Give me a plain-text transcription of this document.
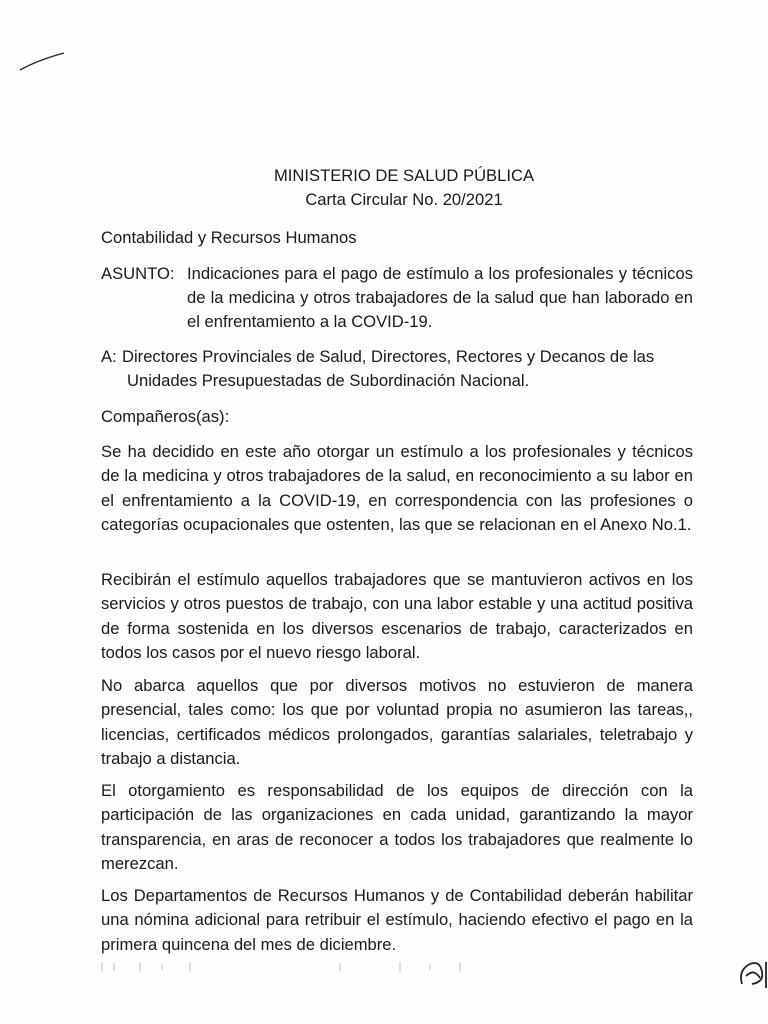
MINISTERIO DE SALUD PÚBLICA
Carta Circular No. 20/2021
Contabilidad y Recursos Humanos
ASUNTO: Indicaciones para el pago de estímulo a los profesionales y técnicos de la medicina y otros trabajadores de la salud que han laborado en el enfrentamiento a la COVID-19.
A: Directores Provinciales de Salud, Directores, Rectores y Decanos de las
Unidades Presupuestadas de Subordinación Nacional.
Compañeros(as):
Se ha decidido en este año otorgar un estímulo a los profesionales y técnicos de la medicina y otros trabajadores de la salud, en reconocimiento a su labor en el enfrentamiento a la COVID-19, en correspondencia con las profesiones o categorías ocupacionales que ostenten, las que se relacionan en el Anexo No.1.
Recibirán el estímulo aquellos trabajadores que se mantuvieron activos en los servicios y otros puestos de trabajo, con una labor estable y una actitud positiva de forma sostenida en los diversos escenarios de trabajo, caracterizados en todos los casos por el nuevo riesgo laboral.
No abarca aquellos que por diversos motivos no estuvieron de manera presencial, tales como: los que por voluntad propia no asumieron las tareas,, licencias, certificados médicos prolongados, garantías salariales, teletrabajo y trabajo a distancia.
El otorgamiento es responsabilidad de los equipos de dirección con la participación de las organizaciones en cada unidad, garantizando la mayor transparencia, en aras de reconocer a todos los trabajadores que realmente lo merezcan.
Los Departamentos de Recursos Humanos y de Contabilidad deberán habilitar una nómina adicional para retribuir el estímulo, haciendo efectivo el pago en la primera quincena del mes de diciembre.
